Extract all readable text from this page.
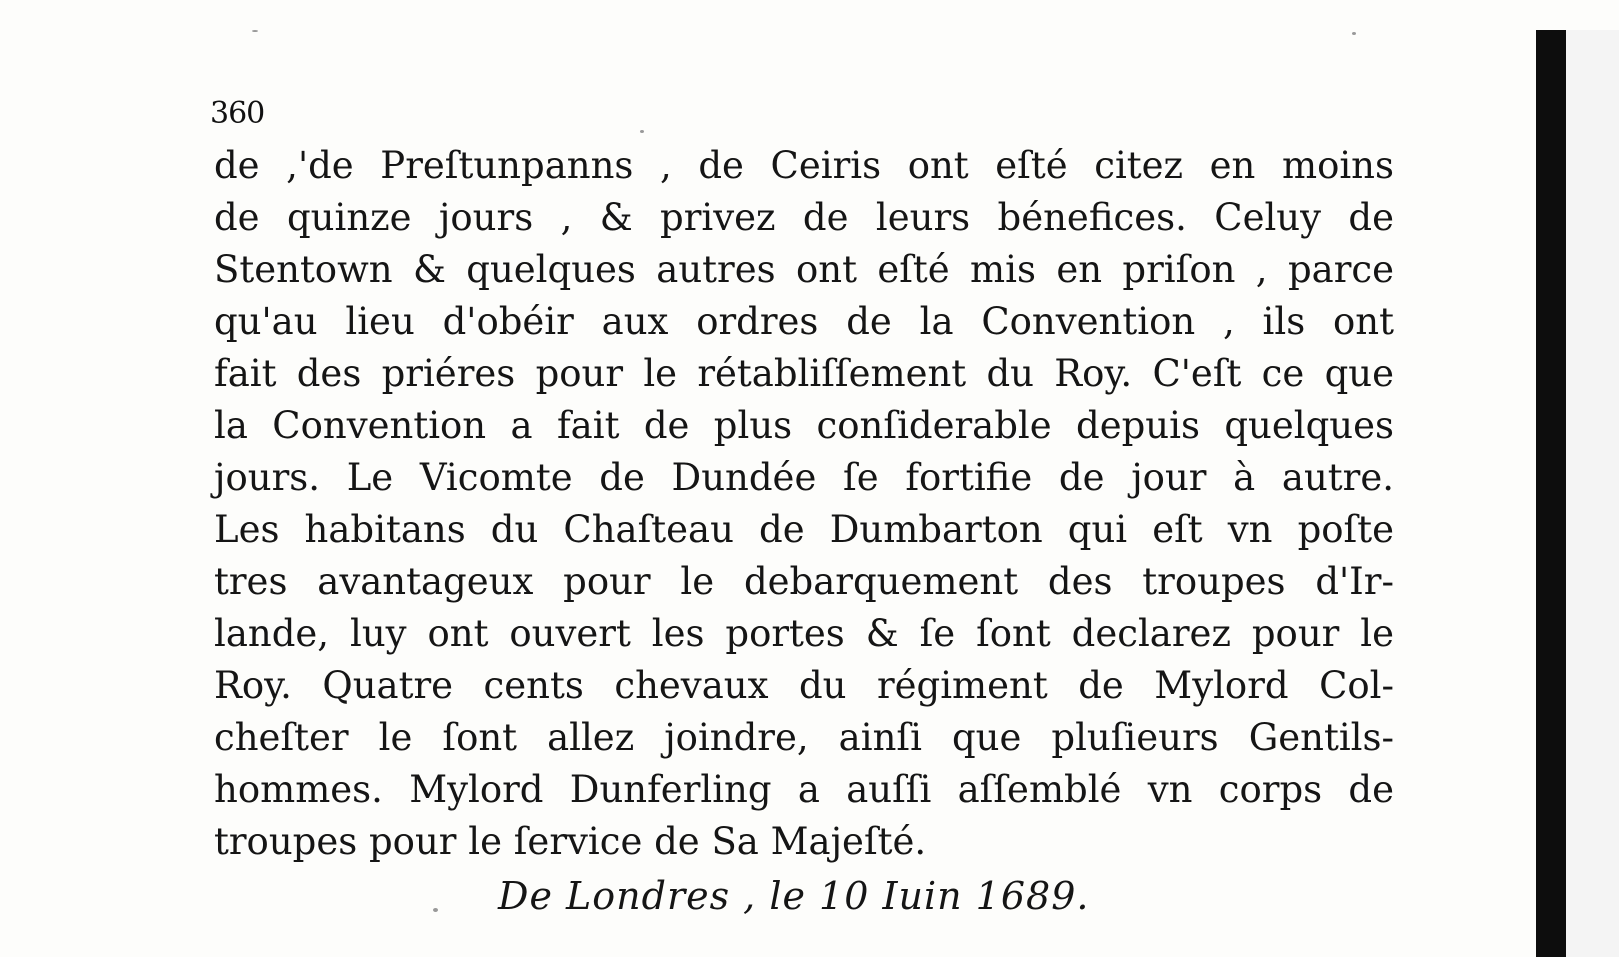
360
de ,'de Preſtunpanns , de Ceiris ont eſté citez en moins
de quinze jours , & privez de leurs bénefices. Celuy de
Stentown & quelques autres ont eſté mis en priſon , parce
qu'au lieu d'obéir aux ordres de la Convention , ils ont
fait des priéres pour le rétabliſſement du Roy. C'eſt ce que
la Convention a fait de plus conſiderable depuis quelques
jours. Le Vicomte de Dundée ſe fortifie de jour à autre.
Les habitans du Chaſteau de Dumbarton qui eſt vn poſte
tres avantageux pour le debarquement des troupes d'Ir-
lande, luy ont ouvert les portes & ſe ſont declarez pour le
Roy. Quatre cents chevaux du régiment de Mylord Col-
cheſter le ſont allez joindre, ainſi que pluſieurs Gentils-
hommes. Mylord Dunferling a auſſi aſſemblé vn corps de
troupes pour le ſervice de Sa Majeſté.
De Londres , le 10 Iuin 1689.
